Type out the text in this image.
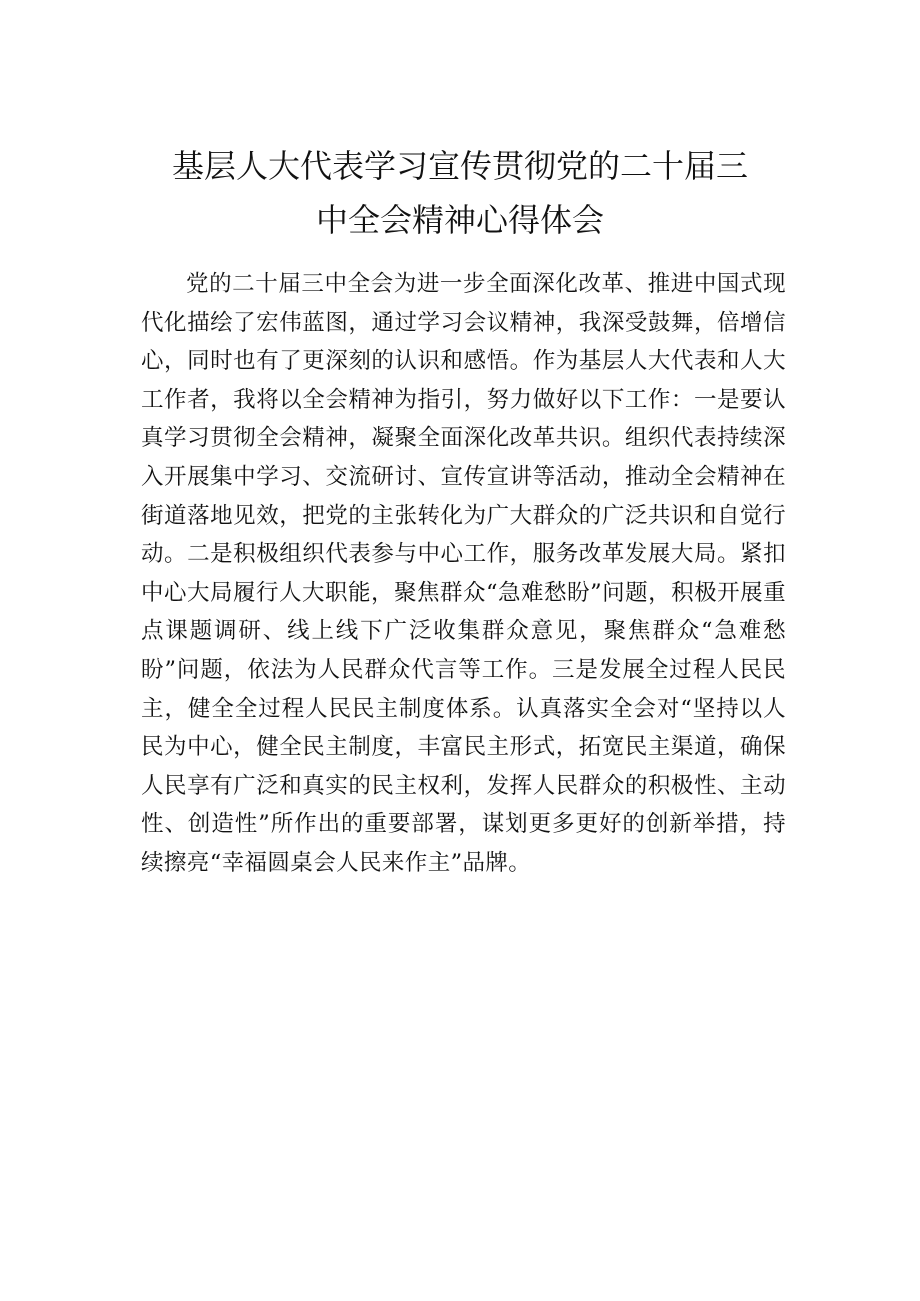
基层人大代表学习宣传贯彻党的二十届三
中全会精神心得体会

党的二十届三中全会为进一步全面深化改革、推进中国式现代化描绘了宏伟蓝图，通过学习会议精神，我深受鼓舞，倍增信心，同时也有了更深刻的认识和感悟。作为基层人大代表和人大工作者，我将以全会精神为指引，努力做好以下工作：一是要认真学习贯彻全会精神，凝聚全面深化改革共识。组织代表持续深入开展集中学习、交流研讨、宣传宣讲等活动，推动全会精神在街道落地见效，把党的主张转化为广大群众的广泛共识和自觉行动。二是积极组织代表参与中心工作，服务改革发展大局。紧扣中心大局履行人大职能，聚焦群众“急难愁盼”问题，积极开展重点课题调研、线上线下广泛收集群众意见，聚焦群众“急难愁盼”问题，依法为人民群众代言等工作。三是发展全过程人民民主，健全全过程人民民主制度体系。认真落实全会对“坚持以人民为中心，健全民主制度，丰富民主形式，拓宽民主渠道，确保人民享有广泛和真实的民主权利，发挥人民群众的积极性、主动性、创造性”所作出的重要部署，谋划更多更好的创新举措，持续擦亮“幸福圆桌会人民来作主”品牌。
